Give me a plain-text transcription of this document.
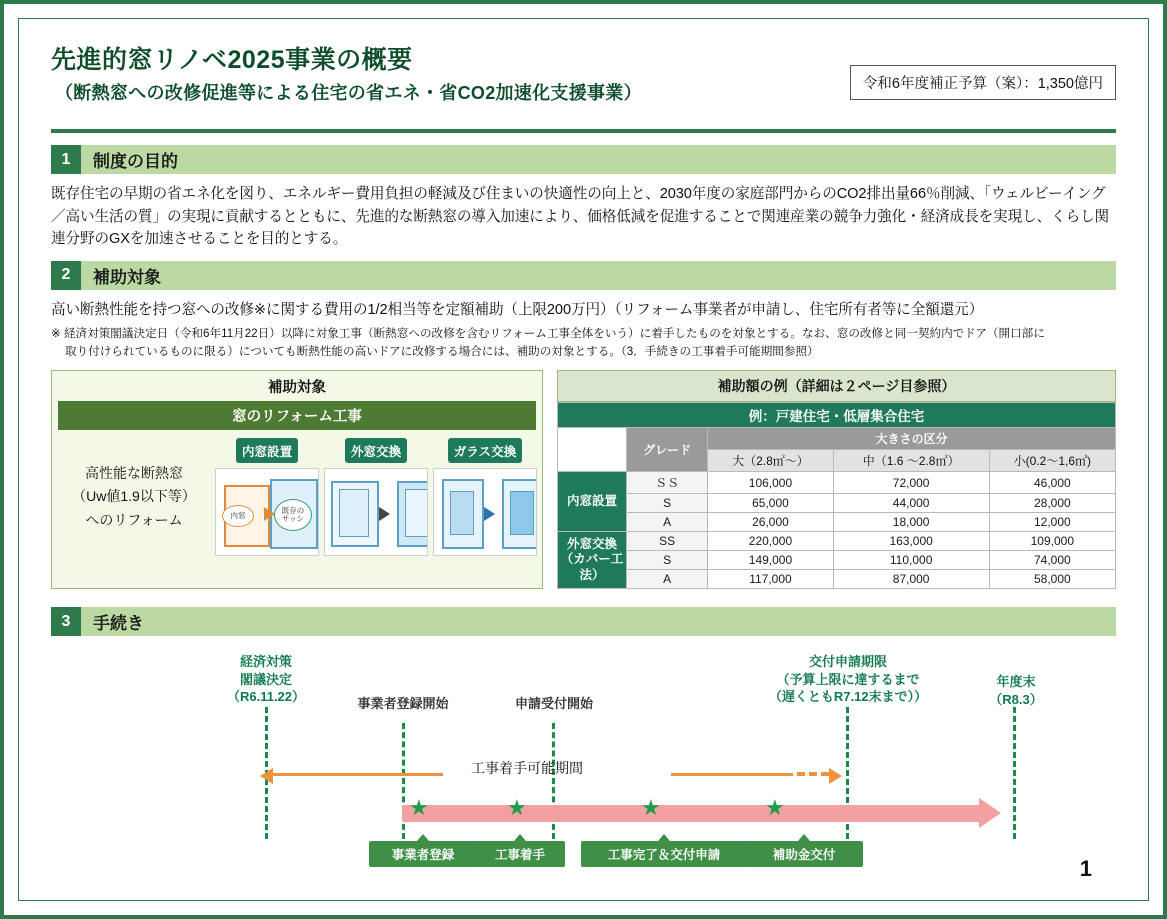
先進的窓リノベ2025事業の概要
（断熱窓への改修促進等による住宅の省エネ・省CO2加速化支援事業）	令和6年度補正予算（案）：1,350億円
1	制度の目的

既存住宅の早期の省エネ化を図り、エネルギー費用負担の軽減及び住まいの快適性の向上と、2030年度の家庭部門からのCO2排出量66％削減、「ウェルビーイング／高い生活の質」の実現に貢献するとともに、先進的な断熱窓の導入加速により、価格低減を促進することで関連産業の競争力強化・経済成長を実現し、くらし関連分野のGXを加速させることを目的とする。

2	補助対象

高い断熱性能を持つ窓への改修※に関する費用の1/2相当等を定額補助（上限200万円）（リフォーム事業者が申請し、住宅所有者等に全額還元）

※ 経済対策閣議決定日（令和6年11月22日）以降に対象工事（断熱窓への改修を含むリフォーム工事全体をいう）に着手したものを対象とする。なお、窓の改修と同一契約内でドア（開口部に
取り付けられているものに限る）についても断熱性能の高いドアに改修する場合には、補助の対象とする。（3．手続きの工事着手可能期間参照）

補助対象
窓のリフォーム工事
高性能な断熱窓
（Uw値1.9以下等）
へのリフォーム
内窓設置
内窓
既存の
サッシ
外窓交換	ガラス交換
補助額の例（詳細は２ページ目参照）
例：戸建住宅・低層集合住宅				
	グレード	大きさの区分		
		大（2.8㎡～）	中（1.6 ～2.8㎡）	小(0.2～1,6㎡)
内窓設置	ＳＳ	106,000	72,000	46,000
	S	65,000	44,000	28,000
	A	26,000	18,000	12,000
外窓交換
（カバー工法）	SS	220,000	163,000	109,000
	S	149,000	110,000	74,000
	A	117,000	87,000	58,000
3	手続き
経済対策
閣議決定
（R6.11.22）	事業者登録開始	申請受付開始
交付申請期限
（予算上限に達するまで
（遅くともR7.12末まで））
年度末
（R8.3）
工事着手可能期間
★	★	★	★
事業者登録	工事着手	工事完了＆交付申請	補助金交付
1
